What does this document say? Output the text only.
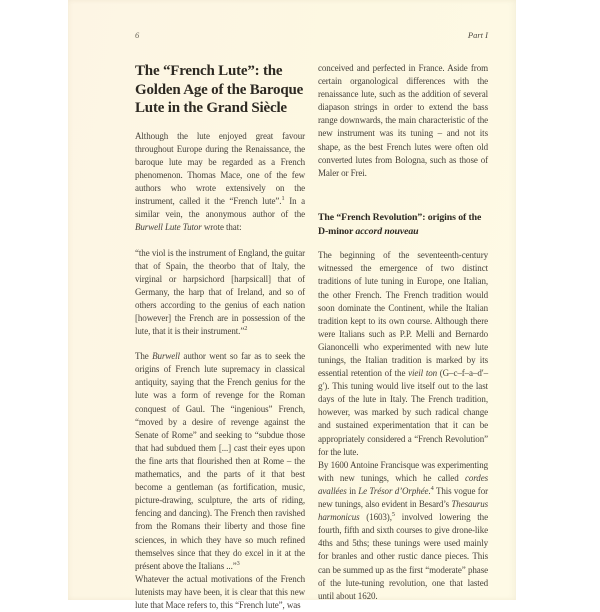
6	Part I
The “French Lute”: the
Golden Age of the Baroque
Lute in the Grand Siècle

Although the lute enjoyed great favour throughout Europe during the Renaissance, the baroque lute may be regarded as a French phenomenon. Thomas Mace, one of the few authors who wrote extensively on the instrument, called it the “French lute”.$^1$ In a similar vein, the anonymous author of the Burwell Lute Tutor wrote that:

“the viol is the instrument of England, the guitar that of Spain, the theorbo that of Italy, the virginal or harpsichord [harpsicall] that of Germany, the harp that of Ireland, and so of others according to the genius of each nation [however] the French are in possession of the lute, that it is their instrument.”$^2$

The Burwell author went so far as to seek the origins of French lute supremacy in classical antiquity, saying that the French genius for the lute was a form of revenge for the Roman conquest of Gaul. The “ingenious” French, “moved by a desire of revenge against the Senate of Rome” and seeking to “subdue those that had subdued them [...] cast their eyes upon the fine arts that flourished then at Rome – the mathematics, and the parts of it that best become a gentleman (as fortification, music, picture-drawing, sculpture, the arts of riding, fencing and dancing). The French then ravished from the Romans their liberty and those fine sciences, in which they have so much refined themselves since that they do excel in it at the présent above the Italians ...”$^3$

Whatever the actual motivations of the French lutenists may have been, it is clear that this new lute that Mace refers to, this “French lute”, was

conceived and perfected in France. Aside from certain organological differences with the renaissance lute, such as the addition of several diapason strings in order to extend the bass range downwards, the main characteristic of the new instrument was its tuning – and not its shape, as the best French lutes were often old converted lutes from Bologna, such as those of Maler or Frei.

The “French Revolution”: origins of the D-minor accord nouveau

The beginning of the seventeenth-century witnessed the emergence of two distinct traditions of lute tuning in Europe, one Italian, the other French. The French tradition would soon dominate the Continent, while the Italian tradition kept to its own course. Although there were Italians such as P.P. Melli and Bernardo Gianoncelli who experimented with new lute tunings, the Italian tradition is marked by its essential retention of the vieil ton (G–c–f–a–d′–g′). This tuning would live itself out to the last days of the lute in Italy. The French tradition, however, was marked by such radical change and sustained experimentation that it can be appropriately considered a “French Revolution” for the lute.

By 1600 Antoine Francisque was experimenting with new tunings, which he called cordes avallées in Le Trésor d’Orphée.$^4$ This vogue for new tunings, also evident in Besard’s Thesaurus harmonicus (1603),$^5$ involved lowering the fourth, fifth and sixth courses to give drone-like 4ths and 5ths; these tunings were used mainly for branles and other rustic dance pieces. This can be summed up as the first “moderate” phase of the lute-tuning revolution, one that lasted until about 1620.
